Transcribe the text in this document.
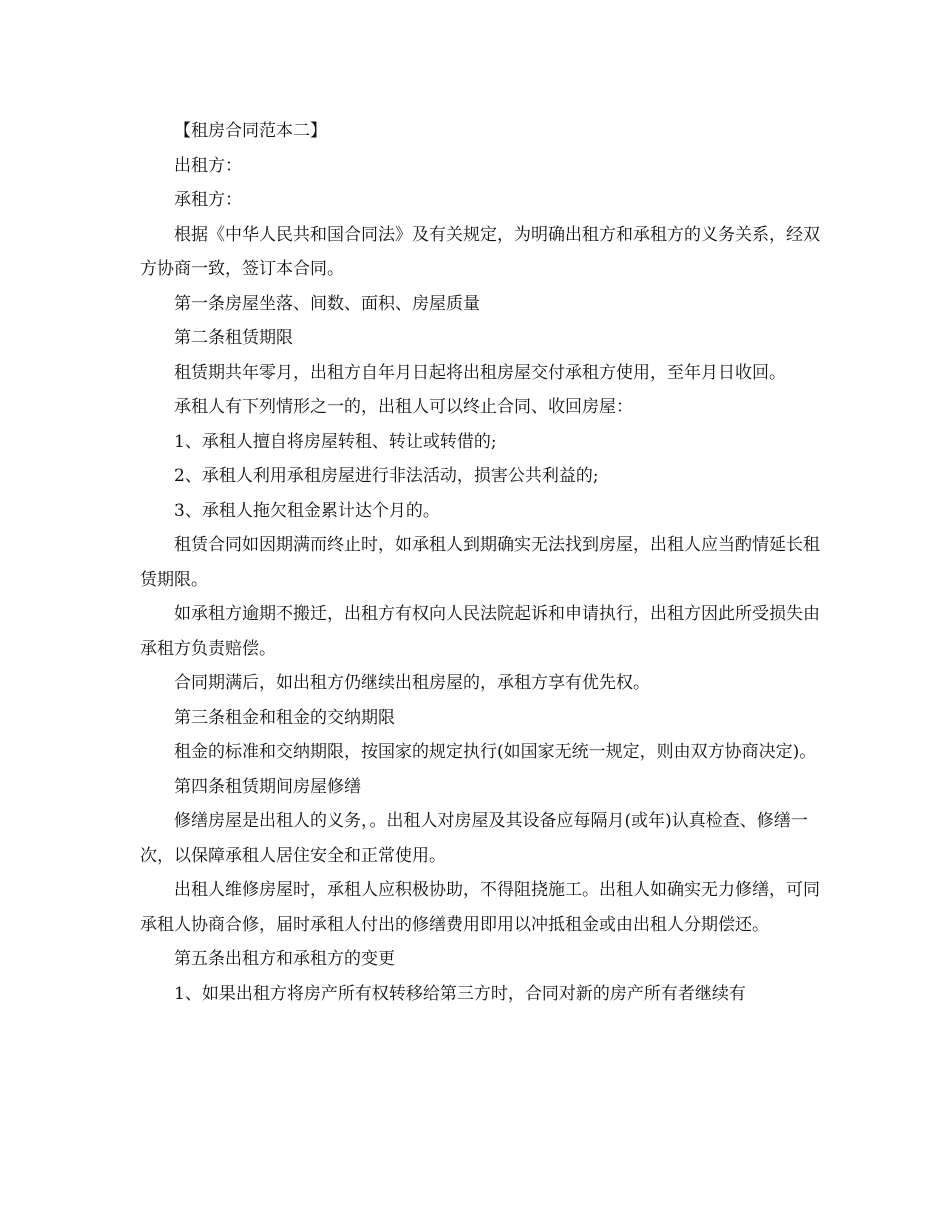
【租房合同范本二】

出租方：

承租方：

根据《中华人民共和国合同法》及有关规定，为明确出租方和承租方的义务关系，经双方协商一致，签订本合同。

第一条房屋坐落、间数、面积、房屋质量

第二条租赁期限

租赁期共年零月，出租方自年月日起将出租房屋交付承租方使用，至年月日收回。

承租人有下列情形之一的，出租人可以终止合同、收回房屋：

1、承租人擅自将房屋转租、转让或转借的;

2、承租人利用承租房屋进行非法活动，损害公共利益的;

3、承租人拖欠租金累计达个月的。

租赁合同如因期满而终止时，如承租人到期确实无法找到房屋，出租人应当酌情延长租赁期限。

如承租方逾期不搬迁，出租方有权向人民法院起诉和申请执行，出租方因此所受损失由承租方负责赔偿。

合同期满后，如出租方仍继续出租房屋的，承租方享有优先权。

第三条租金和租金的交纳期限

租金的标准和交纳期限，按国家的规定执行(如国家无统一规定，则由双方协商决定)。

第四条租赁期间房屋修缮

修缮房屋是出租人的义务，。出租人对房屋及其设备应每隔月(或年)认真检查、修缮一次，以保障承租人居住安全和正常使用。

出租人维修房屋时，承租人应积极协助，不得阻挠施工。出租人如确实无力修缮，可同承租人协商合修，届时承租人付出的修缮费用即用以冲抵租金或由出租人分期偿还。

第五条出租方和承租方的变更

1、如果出租方将房产所有权转移给第三方时，合同对新的房产所有者继续有
